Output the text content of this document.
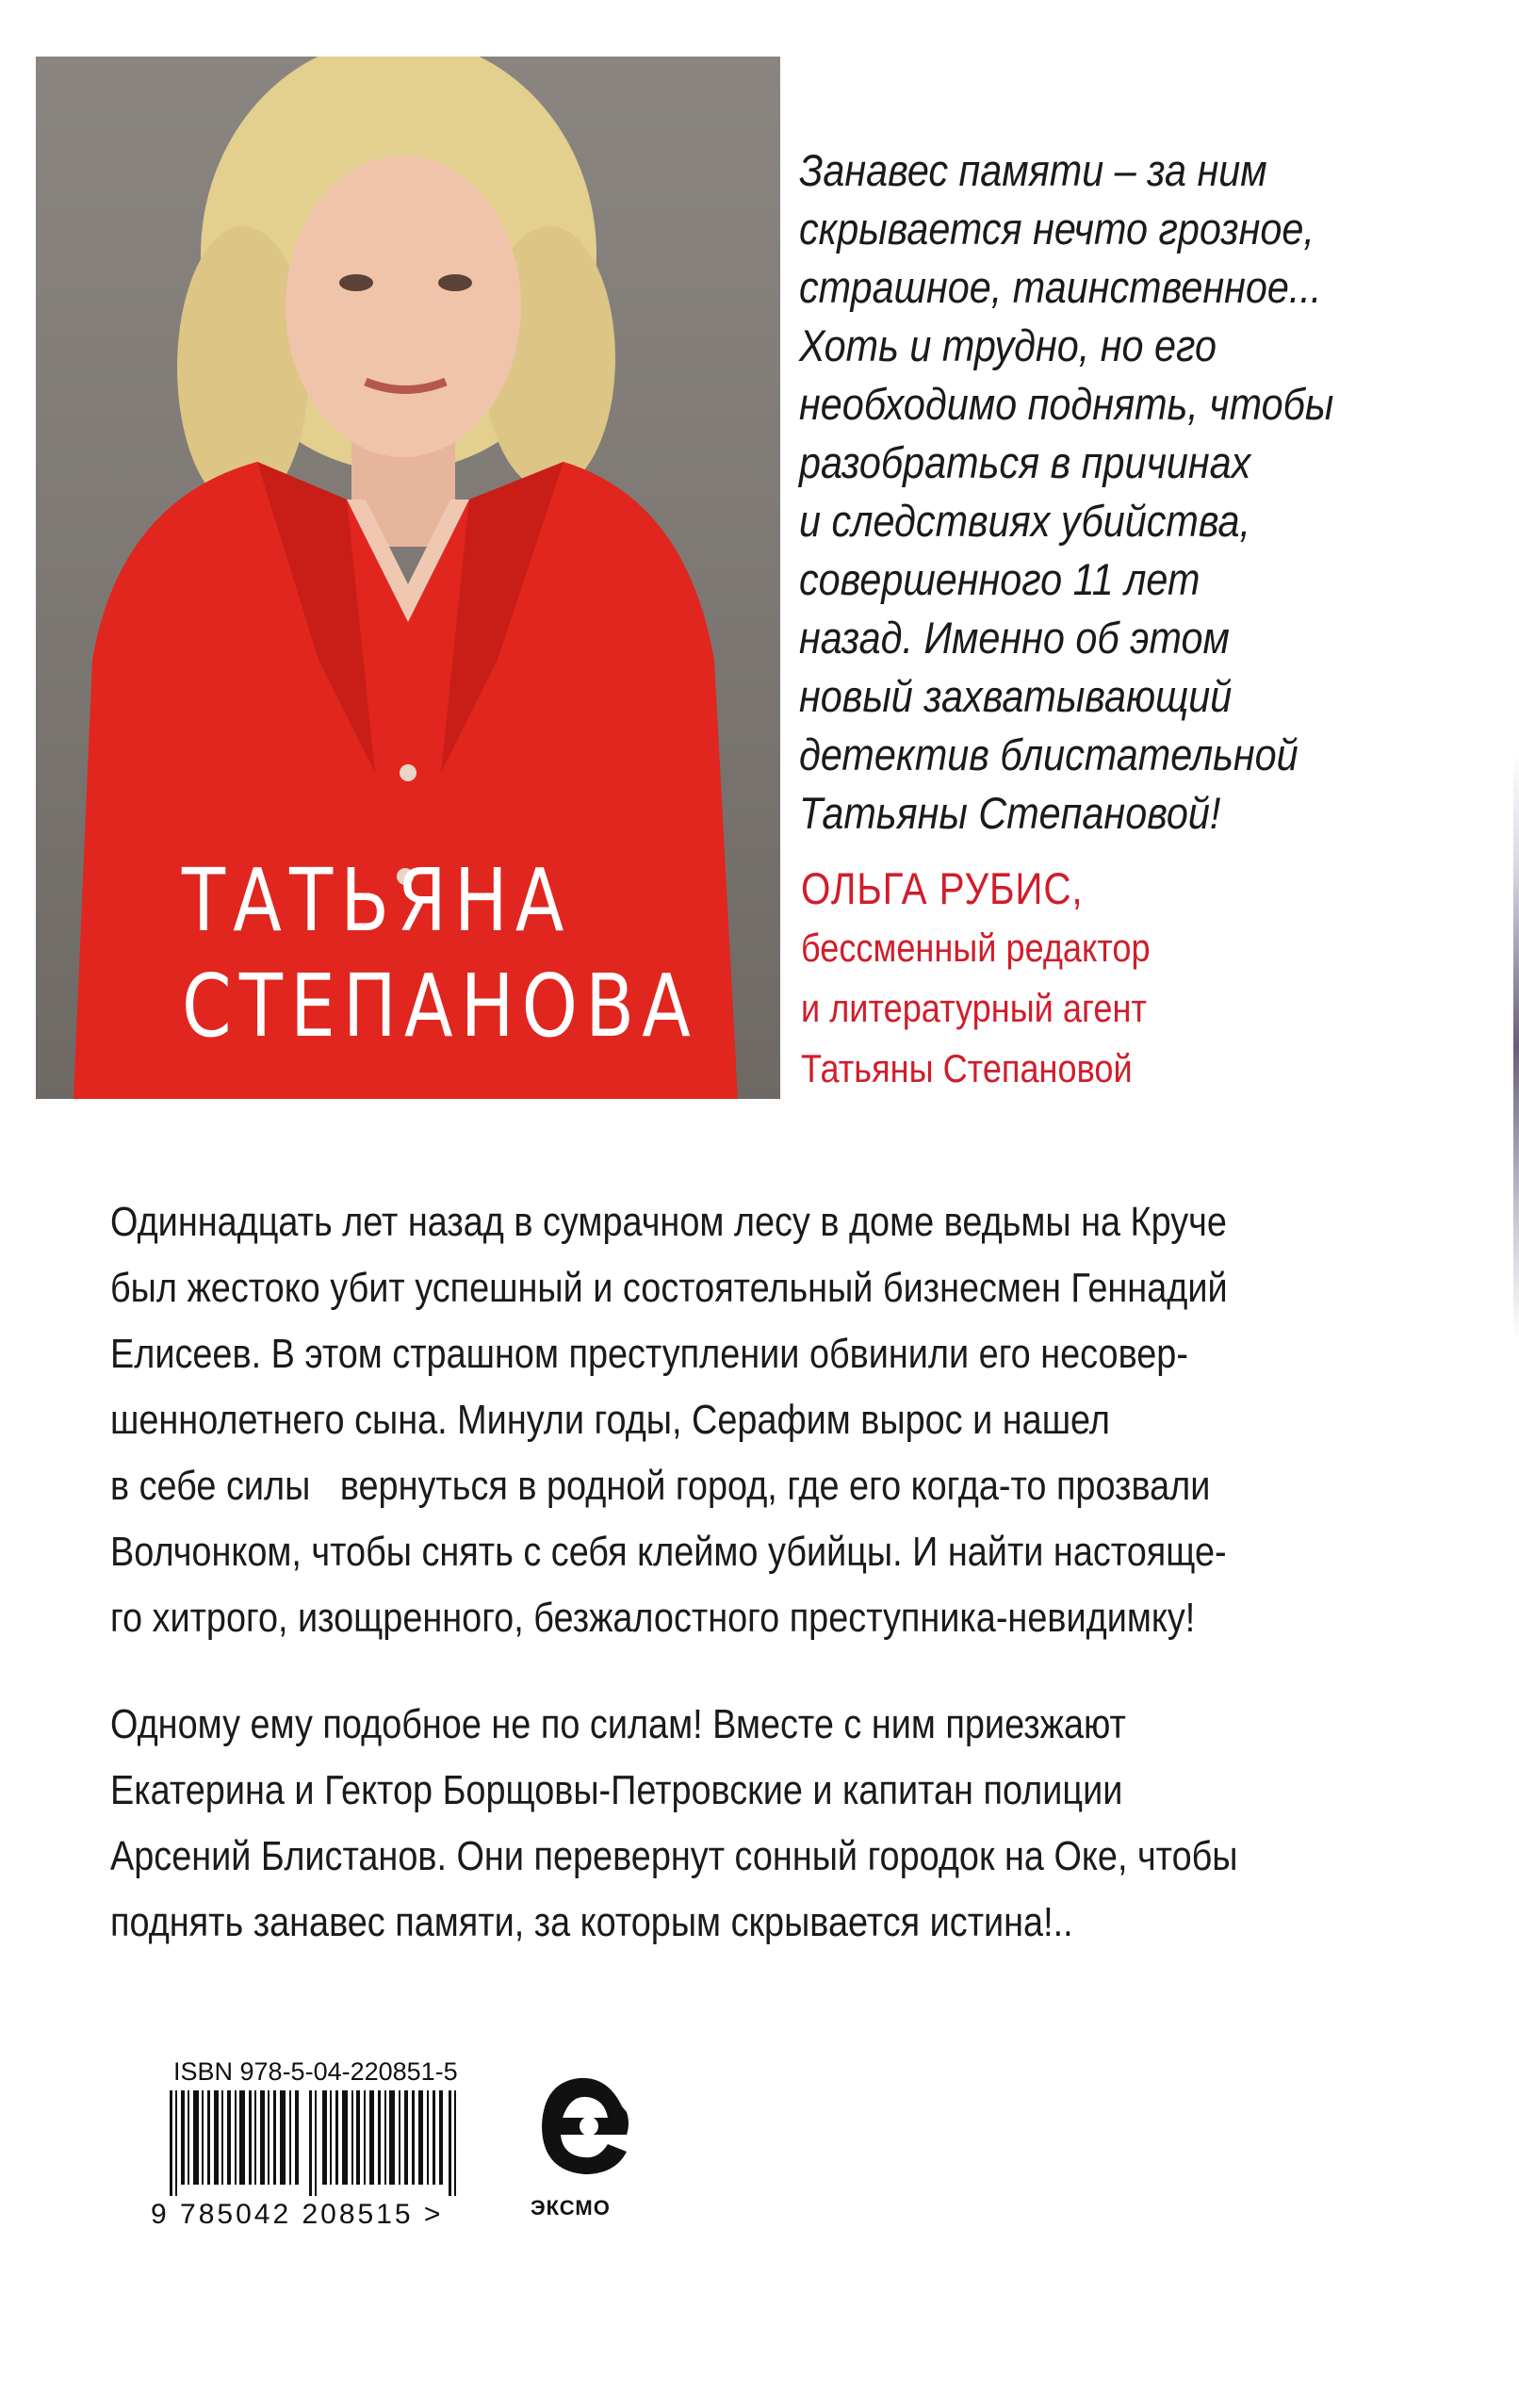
ТАТЬЯНА
СТЕПАНОВА
Занавес памяти – за ним
скрывается нечто грозное,
страшное, таинственное...
Хоть и трудно, но его
необходимо поднять, чтобы
разобраться в причинах
и следствиях убийства,
совершенного 11 лет
назад. Именно об этом
новый захватывающий
детектив блистательной
Татьяны Степановой!
ОЛЬГА РУБИС,
бессменный редактор
и литературный агент
Татьяны Степановой
Одиннадцать лет назад в сумрачном лесу в доме ведьмы на Круче
был жестоко убит успешный и состоятельный бизнесмен Геннадий
Елисеев. В этом страшном преступлении обвинили его несовер-
шеннолетнего сына. Минули годы, Серафим вырос и нашел
в себе силы   вернуться в родной город, где его когда-то прозвали
Волчонком, чтобы снять с себя клеймо убийцы. И найти настояще-
го хитрого, изощренного, безжалостного преступника-невидимку!
Одному ему подобное не по силам! Вместе с ним приезжают
Екатерина и Гектор Борщовы-Петровские и капитан полиции
Арсений Блистанов. Они перевернут сонный городок на Оке, чтобы
поднять занавес памяти, за которым скрывается истина!..
ISBN 978-5-04-220851-5
9 785042 208515 >	ЭКСМО
